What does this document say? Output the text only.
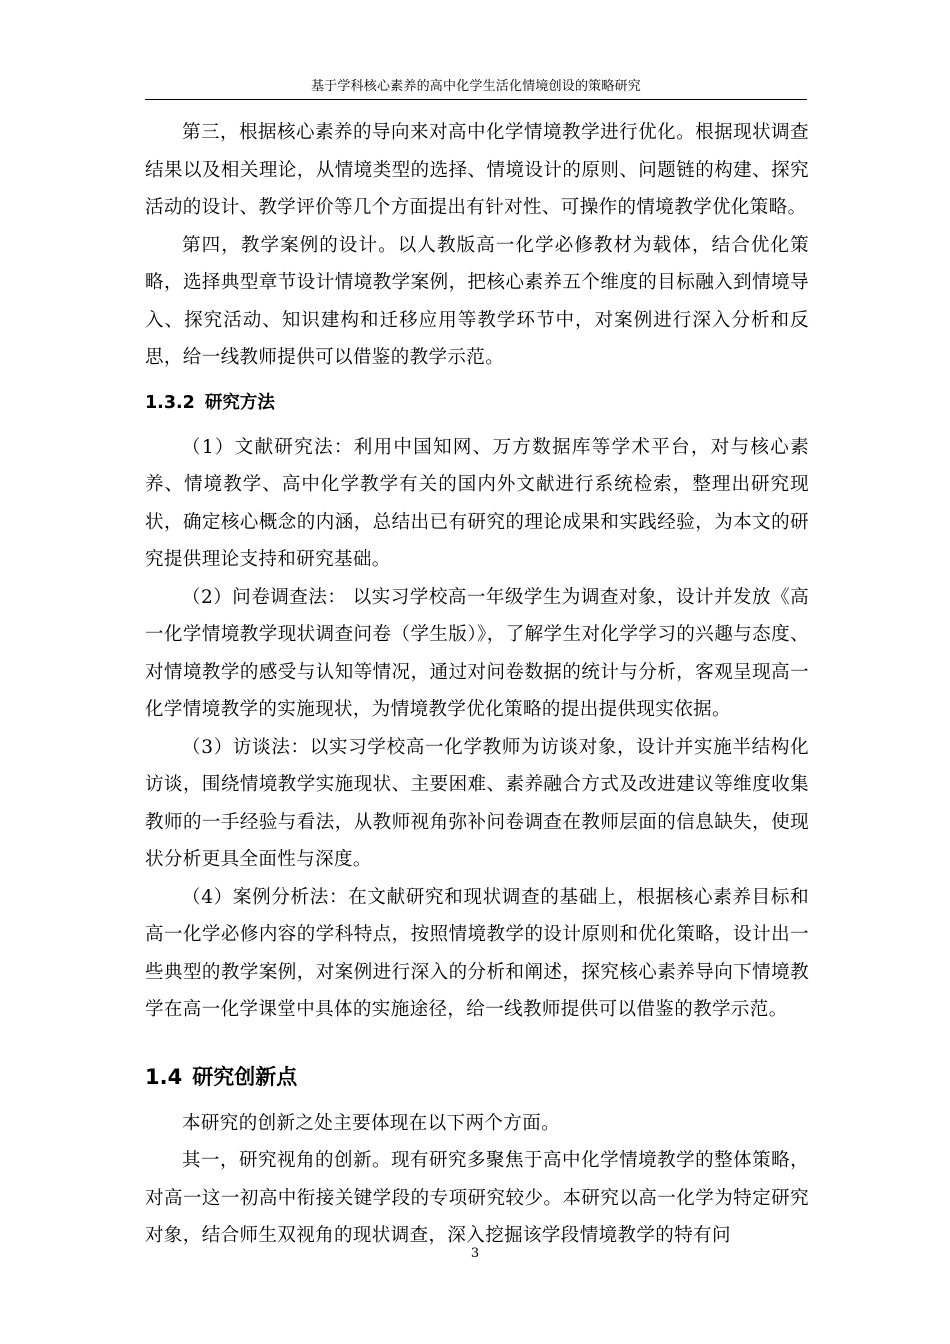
基于学科核心素养的高中化学生活化情境创设的策略研究

第三，根据核心素养的导向来对高中化学情境教学进行优化。根据现状调查结果以及相关理论，从情境类型的选择、情境设计的原则、问题链的构建、探究活动的设计、教学评价等几个方面提出有针对性、可操作的情境教学优化策略。

第四，教学案例的设计。以人教版高一化学必修教材为载体，结合优化策略，选择典型章节设计情境教学案例，把核心素养五个维度的目标融入到情境导入、探究活动、知识建构和迁移应用等教学环节中，对案例进行深入分析和反思，给一线教师提供可以借鉴的教学示范。

1.3.2 研究方法

（1）文献研究法：利用中国知网、万方数据库等学术平台，对与核心素养、情境教学、高中化学教学有关的国内外文献进行系统检索，整理出研究现状，确定核心概念的内涵，总结出已有研究的理论成果和实践经验，为本文的研究提供理论支持和研究基础。

（2）问卷调查法： 以实习学校高一年级学生为调查对象，设计并发放《高一化学情境教学现状调查问卷（学生版）》，了解学生对化学学习的兴趣与态度、对情境教学的感受与认知等情况，通过对问卷数据的统计与分析，客观呈现高一化学情境教学的实施现状，为情境教学优化策略的提出提供现实依据。

（3）访谈法：以实习学校高一化学教师为访谈对象，设计并实施半结构化访谈，围绕情境教学实施现状、主要困难、素养融合方式及改进建议等维度收集教师的一手经验与看法，从教师视角弥补问卷调查在教师层面的信息缺失，使现状分析更具全面性与深度。

（4）案例分析法：在文献研究和现状调查的基础上，根据核心素养目标和高一化学必修内容的学科特点，按照情境教学的设计原则和优化策略，设计出一些典型的教学案例，对案例进行深入的分析和阐述，探究核心素养导向下情境教学在高一化学课堂中具体的实施途径，给一线教师提供可以借鉴的教学示范。

1.4 研究创新点

本研究的创新之处主要体现在以下两个方面。

其一，研究视角的创新。现有研究多聚焦于高中化学情境教学的整体策略，对高一这一初高中衔接关键学段的专项研究较少。本研究以高一化学为特定研究对象，结合师生双视角的现状调查，深入挖掘该学段情境教学的特有问

3
